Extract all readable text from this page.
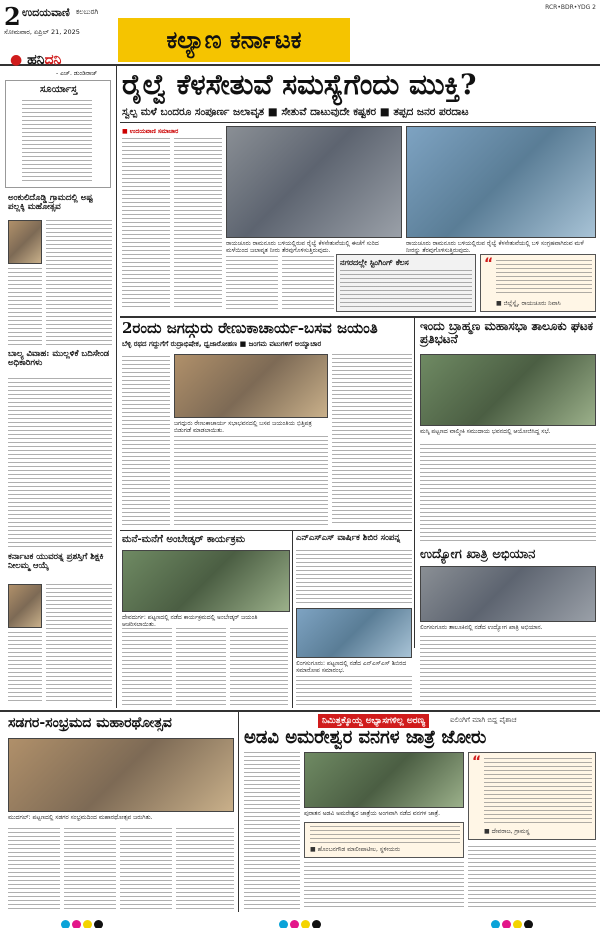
2 ಉದಯವಾಣಿ ಕಲಬುರಗಿ
ಸೋಮವಾರ, ಏಪ್ರಿಲ್ 21, 2025	ಕಲ್ಯಾಣ ಕರ್ನಾಟಕ
RCR•BDR•YDG 2
● ಹನಿದನಿ
- ಎಚ್. ಡುಂಡಿರಾಜ್
ಸೂರ್ಯಾಸ್ತ
ಅಂಕುಲಿದೊಡ್ಡಿ ಗ್ರಾಮದಲ್ಲಿ ಅಷ್ಟ ಪಲ್ಲಕ್ಕಿ ಮಹೋತ್ಸವ
ಬಾಲ್ಯ ವಿವಾಹ: ಮುಲ್ಲಳಿಕೆ ಬದಿಸೇಂಡ ಅಧಿಕಾರಿಗಳು
ಕರ್ನಾಟಕ ಯುವರತ್ನ ಪ್ರಶಸ್ತಿಗೆ ಶಿಕ್ಷಕಿ ನೀಲಮ್ಮ ಆಯ್ಕೆ
ರೈಲ್ವೆ ಕೆಳಸೇತುವೆ ಸಮಸ್ಯೆಗೆಂದು ಮುಕ್ತಿ?
ಸ್ವಲ್ಪ ಮಳೆ ಬಂದರೂ ಸಂಪೂರ್ಣ ಜಲಾವೃತ ■ ಸೇತುವೆ ದಾಟುವುದೇ ಕಷ್ಟಕರ ■ ತಪ್ಪದ ಜನರ ಪರದಾಟ
■ ಉದಯವಾಣಿ ಸಮಾಚಾರ
ರಾಯಚೂರು ರಾಮನೂರು ಬಳಿಯಲ್ಲಿರುವ ರೈಲ್ವೆ ಕೆಳಸೇತುವೆಯಲ್ಲಿ ಈಚೆಗೆ ಸುರಿದ ಮಳೆಯಿಂದ ಜಲಾವೃತ ನೀರು ತೆರವುಗೊಳಿಸುತ್ತಿರುವುದು.
ರಾಯಚೂರು ರಾಮನೂರು ಬಳಿಯಲ್ಲಿರುವ ರೈಲ್ವೆ ಕೆಳಸೇತುವೆಯಲ್ಲಿ ಬಳಿ ಸಂಗ್ರಹವಾಗಿರುವ ಮಳೆ ನೀರನ್ನು ತೆರವುಗೊಳಿಸುತ್ತಿರುವುದು.
ನಗರದಲ್ಲೇ ಸ್ಟಿಂಗಿಂಗ್ ಕೆಲಸ	“
■ ಜಿಲ್ಲೆಸ್ನೈ, ರಾಯಚೂರು ನಿವಾಸಿ
2ರಂದು ಜಗದ್ಗುರು ರೇಣುಕಾಚಾರ್ಯ-ಬಸವ ಜಯಂತಿ
ಬೆಳ್ಳಿ ರಥದ ಗದ್ದುಗೆಗೆ ರುದ್ರಾಭಿಷೇಕ, ಧ್ವಜಾರೋಹಣ ■ ಜಂಗಮ ವಟುಗಳಿಗೆ ಅಯ್ಯಾಚಾರ
ಜಗದ್ಗುರು ರೇಣುಕಾಚಾರ್ಯ ಸಭಾಭವನದಲ್ಲಿ ಬಸವ ಜಯಂತಿಯ ಭಿತ್ತಿಪತ್ರ ಬಿಡುಗಡೆ ಮಾಡಲಾಯಿತು.
ಇಂದು ಬ್ರಾಹ್ಮಣ ಮಹಾಸಭಾ ತಾಲೂಕು ಘಟಕ ಪ್ರತಿಭಟನೆ
ಮಸ್ಕಿ ಪಟ್ಟಣದ ವಾಲ್ಮೀಕಿ ಸಮುದಾಯ ಭವನದಲ್ಲಿ ಆಯೋಜಿಸಿದ್ದ ಸಭೆ.
ಉದ್ಯೋಗ ಖಾತ್ರಿ ಅಭಿಯಾನ
ಲಿಂಗಸುಗೂರು ತಾಲೂಕಿನಲ್ಲಿ ನಡೆದ ಉದ್ಯೋಗ ಖಾತ್ರಿ ಅಭಿಯಾನ.
ಮನೆ-ಮನೆಗೆ ಅಂಬೇಡ್ಕರ್ ಕಾರ್ಯಕ್ರಮ
ದೇವದುರ್ಗ: ಪಟ್ಟಣದಲ್ಲಿ ನಡೆದ ಕಾರ್ಯಕ್ರಮದಲ್ಲಿ ಅಂಬೇಡ್ಕರ್ ಜಯಂತಿ ಆಚರಿಸಲಾಯಿತು.
ಎನ್‌ಎಸ್‌ಎಸ್ ವಾರ್ಷಿಕ ಶಿಬಿರ ಸಂಪನ್ನ
ಲಿಂಗಸುಗೂರು: ಪಟ್ಟಣದಲ್ಲಿ ನಡೆದ ಎನ್‌ಎಸ್‌ಎಸ್ ಶಿಬಿರದ ಸಮಾರೋಪ ಸಮಾರಂಭ.
ಸಡಗರ-ಸಂಭ್ರಮದ ಮಹಾರಥೋತ್ಸವ
ಮುದಗಲ್: ಪಟ್ಟಣದಲ್ಲಿ ಸಡಗರ ಸಂಭ್ರಮದಿಂದ ಮಹಾರಥೋತ್ಸವ ಜರುಗಿತು.
ನಿಮಿತ್ತಕ್ಕೊಯ್ದ ಅಭ್ಯಾಸಗಳಿಲ್ಲ ಅರಣ್ಯ	ಐಲಿಂಗಿಗೆ ಮಾಗಿ ಬಿದ್ದ ಪೈಶಾಚ
ಅಡವಿ ಅಮರೇಶ್ವರ ವನಗಳ ಜಾತ್ರೆ ಜೋರು
ಪುರಾತನ ಅಡವಿ ಅಮರೇಶ್ವರ ಜಾತ್ರೆಯ ಅಂಗವಾಗಿ ನಡೆದ ವನಗಳ ಜಾತ್ರೆ.
■ ಹೊಂಬನಗೌಡ ಮಾಲೀಪಾಟೀಲ, ಸ್ಥಳೀಯರು
“
■ ದೇವರಾಜ, ಗ್ರಾಮಸ್ಥ
